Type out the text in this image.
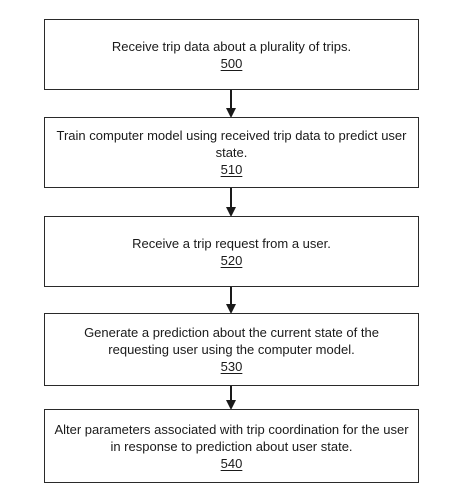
Receive trip data about a plurality of trips.
500
Train computer model using received trip data to predict user state.
510
Receive a trip request from a user.
520
Generate a prediction about the current state of the requesting user using the computer model.
530
Alter parameters associated with trip coordination for the user in response to prediction about user state.
540
